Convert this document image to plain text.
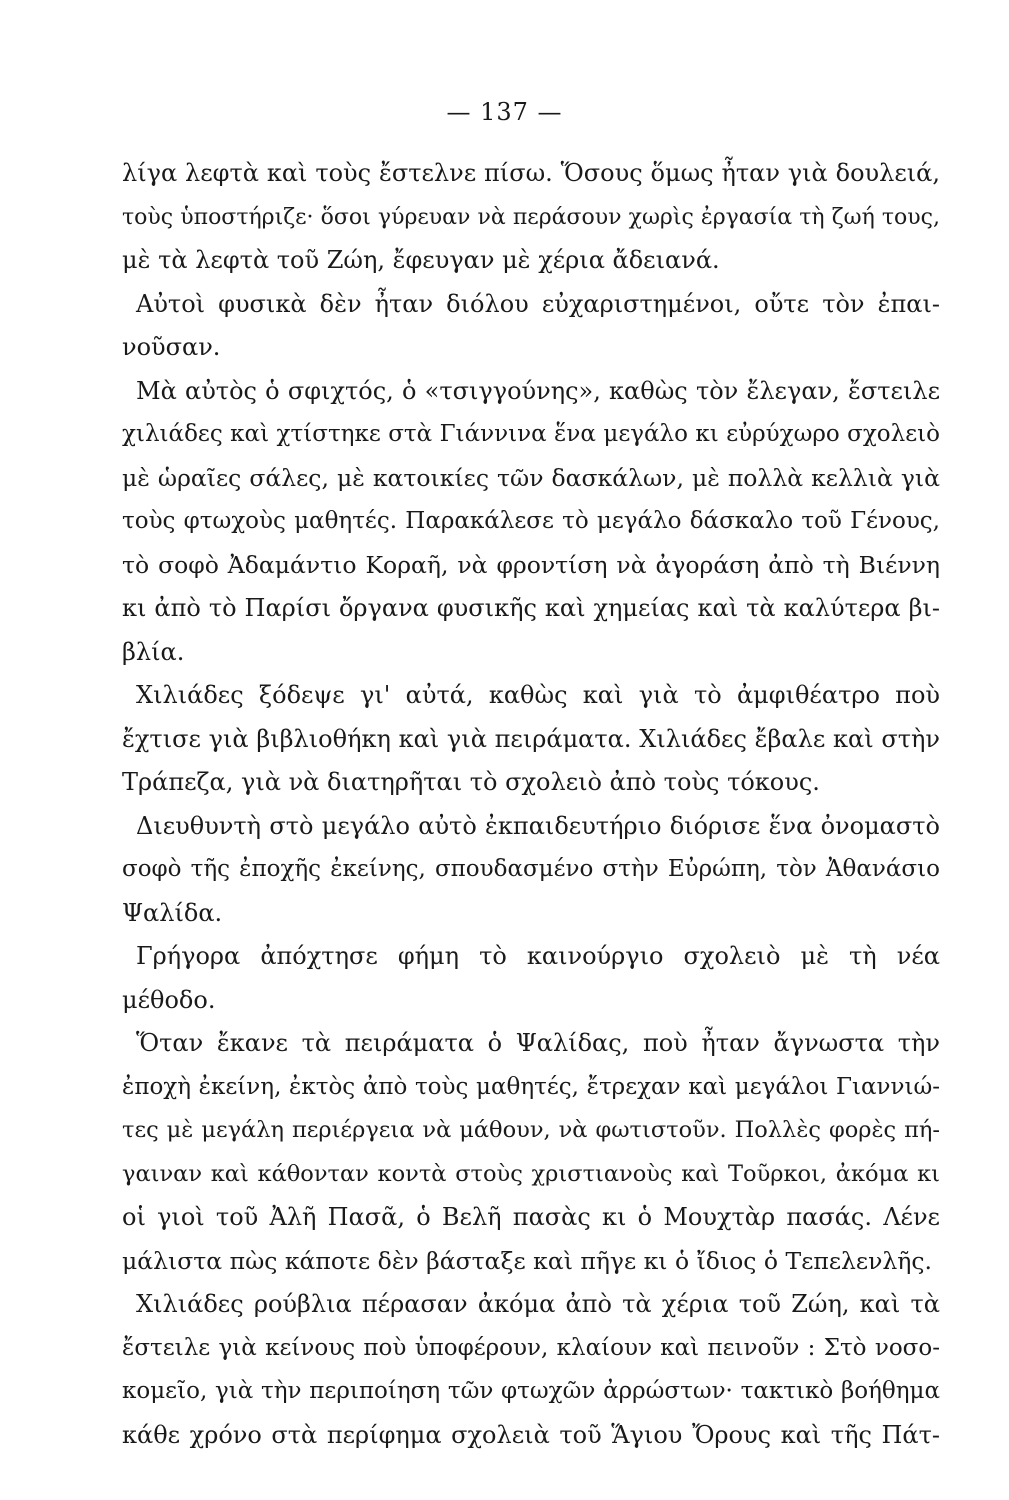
— 137 —
λίγα λεφτὰ καὶ τοὺς ἔστελνε πίσω. Ὅσους ὅμως ἦταν γιὰ δουλειά,
τοὺς ὑποστήριζε· ὅσοι γύρευαν νὰ περάσουν χωρὶς ἐργασία τὴ ζωή τους,
μὲ τὰ λεφτὰ τοῦ Ζώη, ἔφευγαν μὲ χέρια ἄδειανά.
Αὐτοὶ φυσικὰ δὲν ἦταν διόλου εὐχαριστημένοι, οὔτε τὸν ἐπαι-
νοῦσαν.
Μὰ αὐτὸς ὁ σφιχτός, ὁ «τσιγγούνης», καθὼς τὸν ἔλεγαν, ἔστειλε
χιλιάδες καὶ χτίστηκε στὰ Γιάννινα ἕνα μεγάλο κι εὐρύχωρο σχολειὸ
μὲ ὡραῖες σάλες, μὲ κατοικίες τῶν δασκάλων, μὲ πολλὰ κελλιὰ γιὰ
τοὺς φτωχοὺς μαθητές. Παρακάλεσε τὸ μεγάλο δάσκαλο τοῦ Γένους,
τὸ σοφὸ Ἀδαμάντιο Κοραῆ, νὰ φροντίση νὰ ἀγοράση ἀπὸ τὴ Βιέννη
κι ἀπὸ τὸ Παρίσι ὄργανα φυσικῆς καὶ χημείας καὶ τὰ καλύτερα βι-
βλία.
Χιλιάδες ξόδεψε γι' αὐτά, καθὼς καὶ γιὰ τὸ ἀμφιθέατρο ποὺ
ἔχτισε γιὰ βιβλιοθήκη καὶ γιὰ πειράματα. Χιλιάδες ἔβαλε καὶ στὴν
Τράπεζα, γιὰ νὰ διατηρῆται τὸ σχολειὸ ἀπὸ τοὺς τόκους.
Διευθυντὴ στὸ μεγάλο αὐτὸ ἐκπαιδευτήριο διόρισε ἕνα ὀνομαστὸ
σοφὸ τῆς ἐποχῆς ἐκείνης, σπουδασμένο στὴν Εὐρώπη, τὸν Ἀθανάσιο
Ψαλίδα.
Γρήγορα ἀπόχτησε φήμη τὸ καινούργιο σχολειὸ μὲ τὴ νέα
μέθοδο.
Ὅταν ἔκανε τὰ πειράματα ὁ Ψαλίδας, ποὺ ἦταν ἄγνωστα τὴν
ἐποχὴ ἐκείνη, ἐκτὸς ἀπὸ τοὺς μαθητές, ἔτρεχαν καὶ μεγάλοι Γιαννιώ-
τες μὲ μεγάλη περιέργεια νὰ μάθουν, νὰ φωτιστοῦν. Πολλὲς φορὲς πή-
γαιναν καὶ κάθονταν κοντὰ στοὺς χριστιανοὺς καὶ Τοῦρκοι, ἀκόμα κι
οἱ γιοὶ τοῦ Ἀλῆ Πασᾶ, ὁ Βελῆ πασὰς κι ὁ Μουχτὰρ πασάς. Λένε
μάλιστα πὼς κάποτε δὲν βάσταξε καὶ πῆγε κι ὁ ἴδιος ὁ Τεπελενλῆς.
Χιλιάδες ρούβλια πέρασαν ἀκόμα ἀπὸ τὰ χέρια τοῦ Ζώη, καὶ τὰ
ἔστειλε γιὰ κείνους ποὺ ὑποφέρουν, κλαίουν καὶ πεινοῦν : Στὸ νοσο-
κομεῖο, γιὰ τὴν περιποίηση τῶν φτωχῶν ἀρρώστων· τακτικὸ βοήθημα
κάθε χρόνο στὰ περίφημα σχολειὰ τοῦ Ἅγιου Ὄρους καὶ τῆς Πάτ-
